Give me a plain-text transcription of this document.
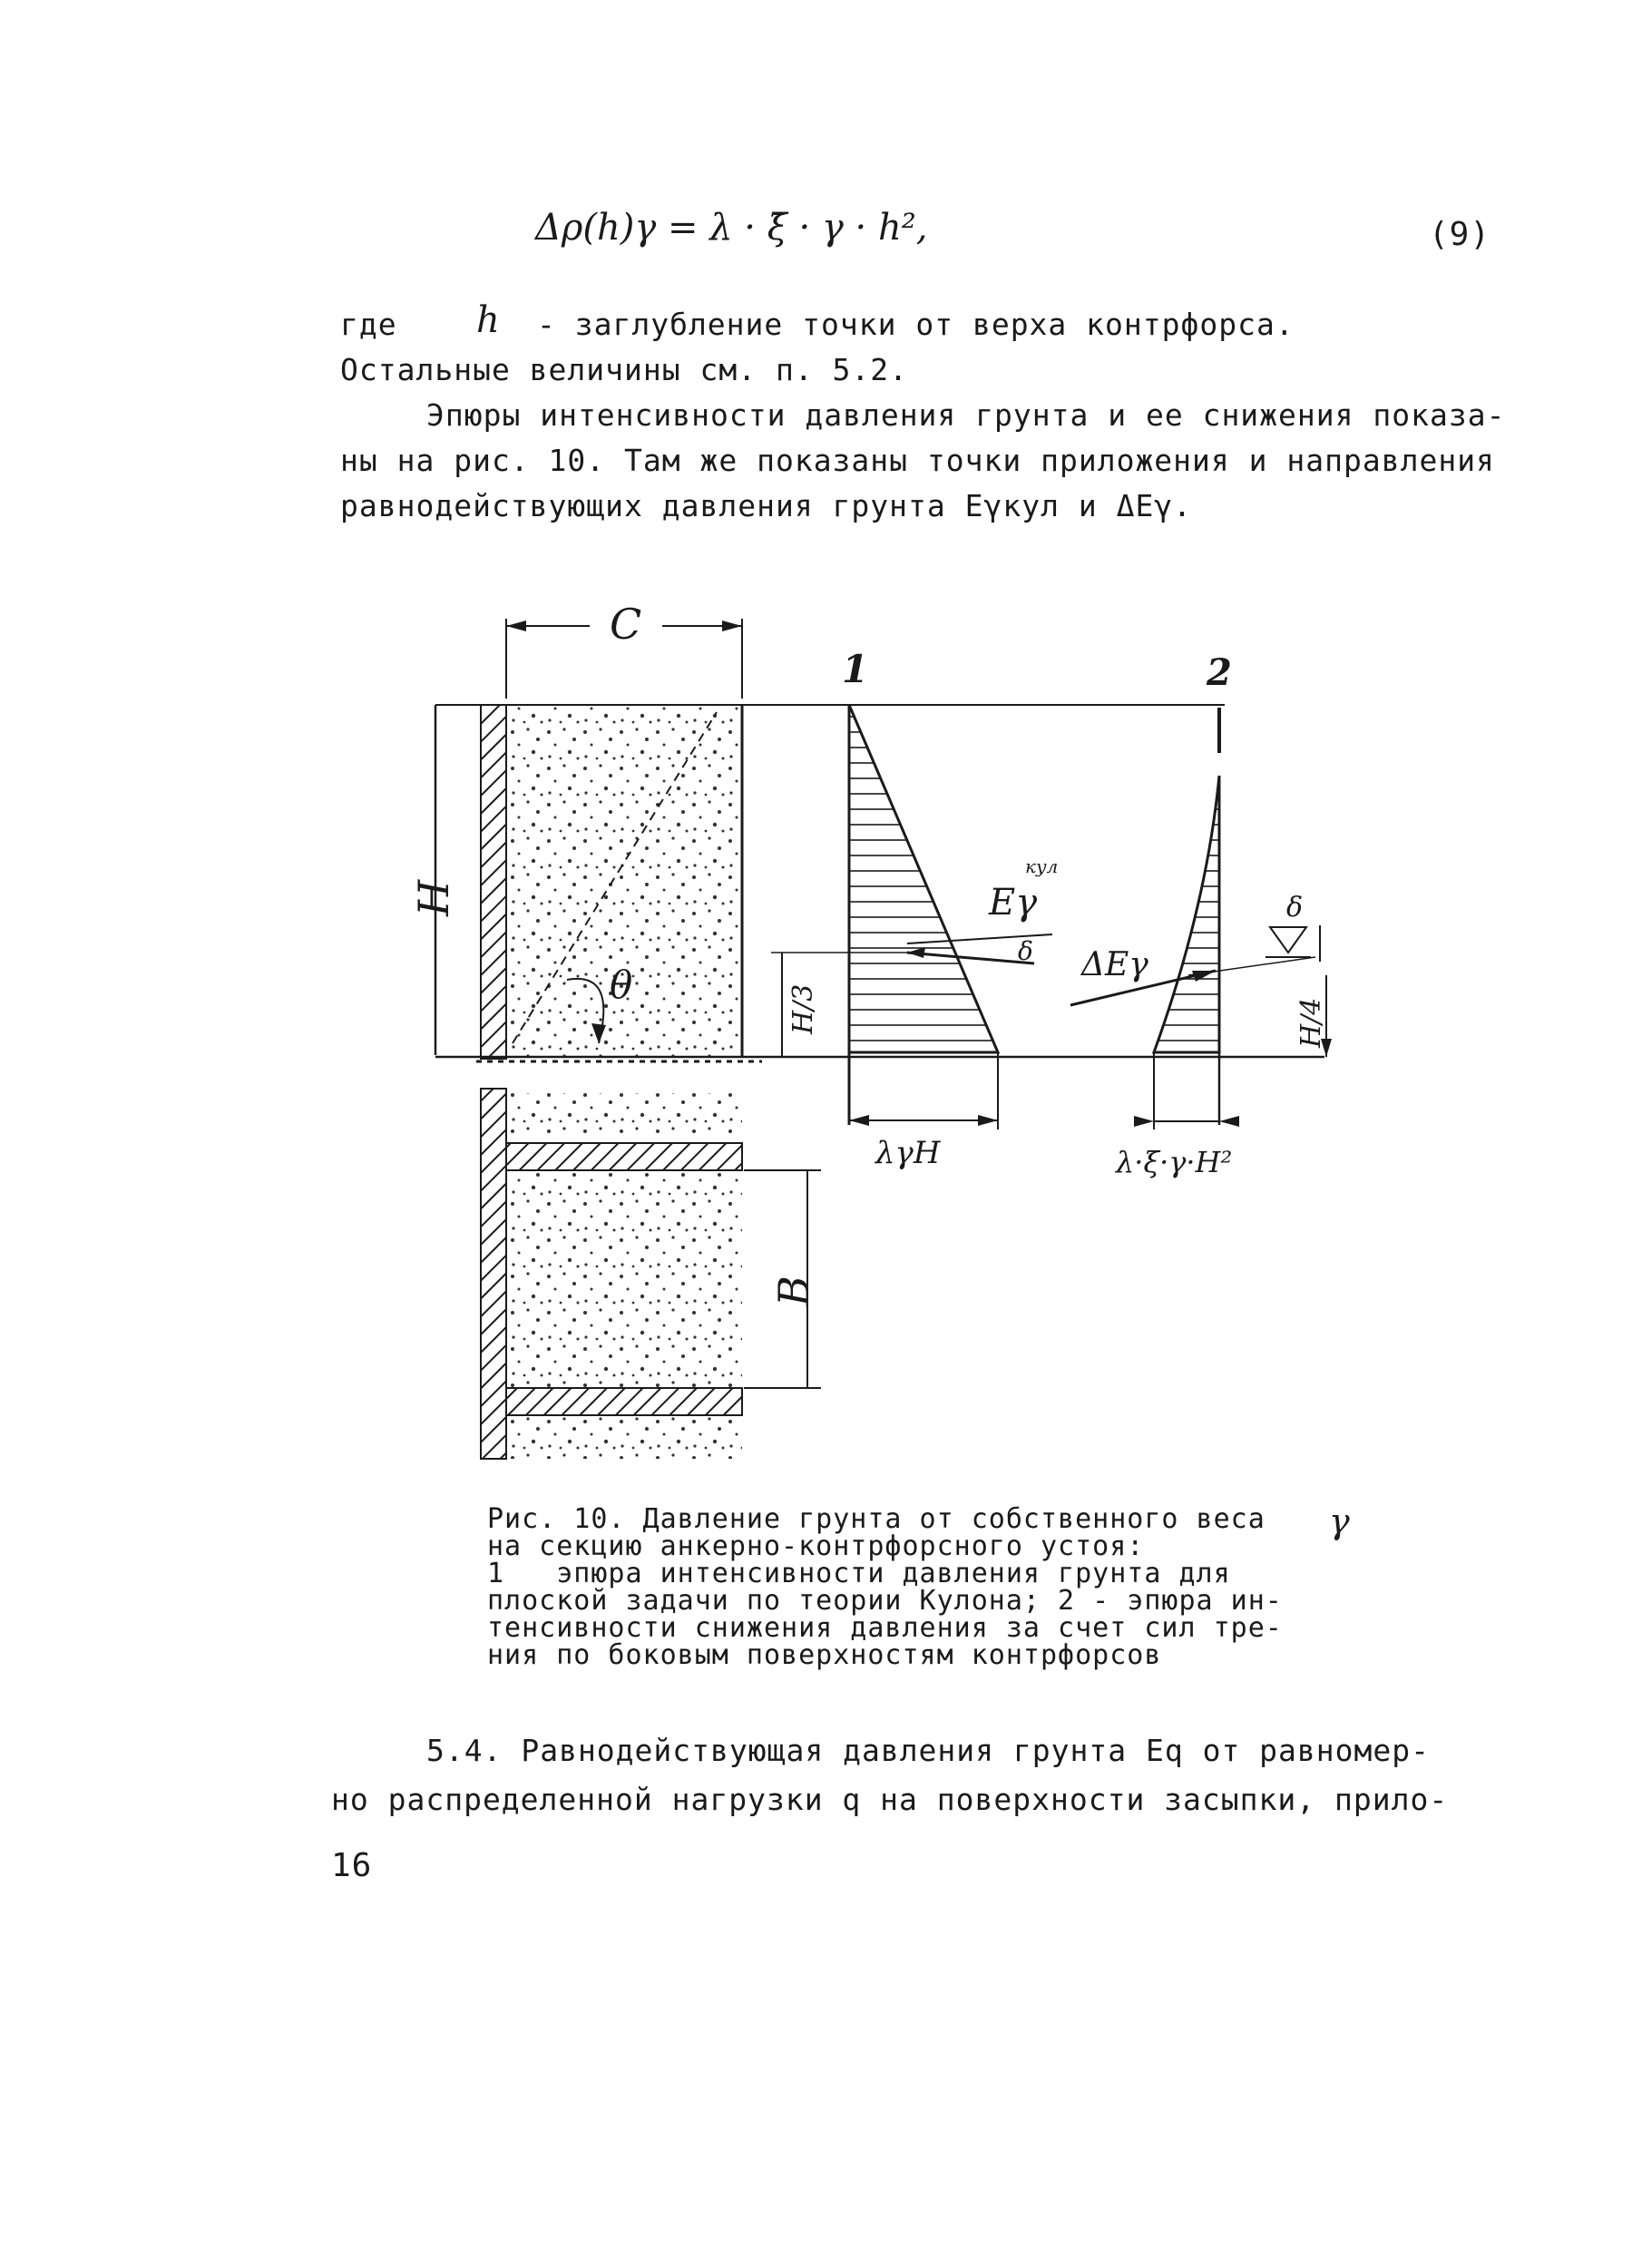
Δρ(h)γ = λ · ξ̄ · γ · h²,	(9)
где h - заглубление точки от верха контрфорса.
Остальные величины см. п. 5.2.
Эпюры интенсивности давления грунта и ее снижения показа-
ны на рис. 10. Там же показаны точки приложения и направления
равнодействующих давления грунта Eγкул и ΔEγ.
C
H
θ	H/3
B
1
λγH
Eγ
кул
δ
2
λ·ξ·γ·H²
ΔEγ
δ
H/4
Рис. 10. Давление грунта от собственного веса γ
на секцию анкерно-контрфорсного устоя:
1   эпюра интенсивности давления грунта для
плоской задачи по теории Кулона; 2 - эпюра ин-
тенсивности снижения давления за счет сил тре-
ния по боковым поверхностям контрфорсов
5.4. Равнодействующая давления грунта Eq от равномер-
но распределенной нагрузки q на поверхности засыпки, прило-
16
